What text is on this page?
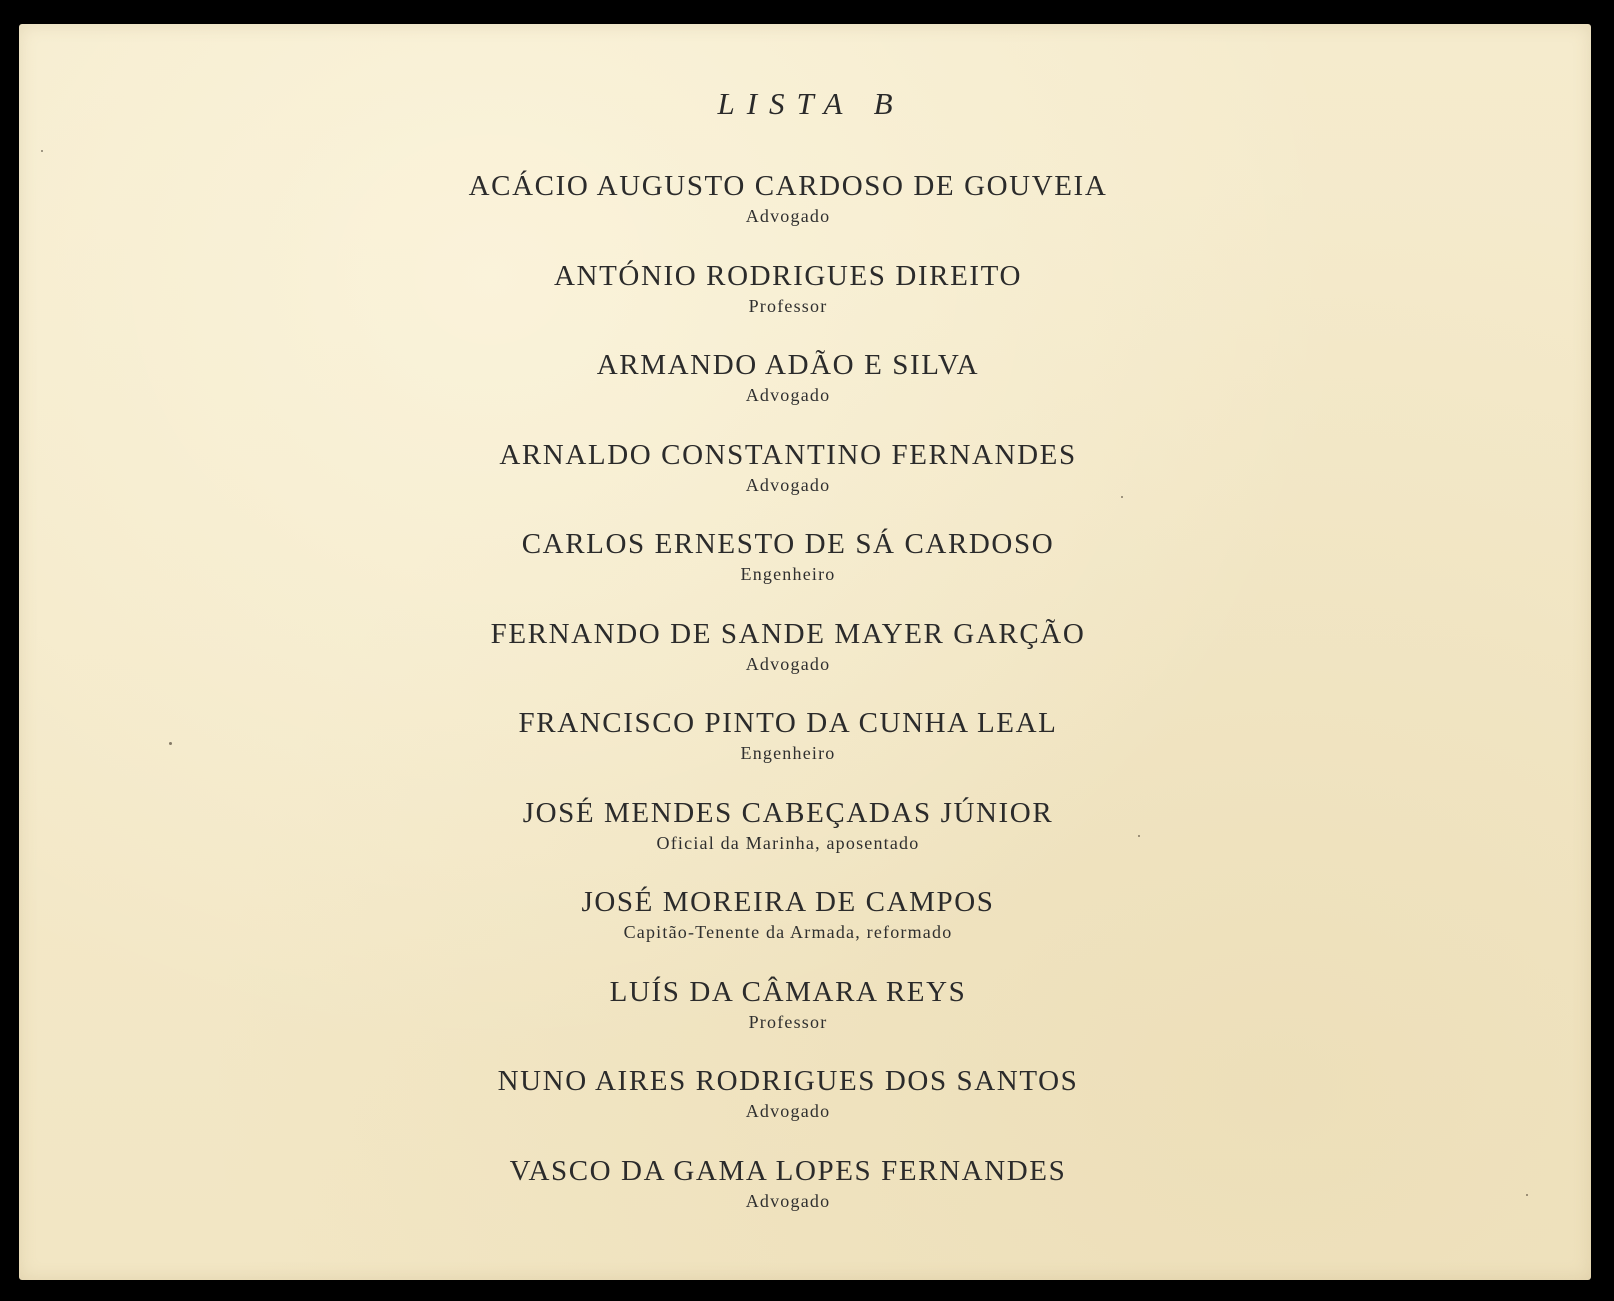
LISTA B
ACÁCIO AUGUSTO CARDOSO DE GOUVEIA
Advogado
ANTÓNIO RODRIGUES DIREITO
Professor
ARMANDO ADÃO E SILVA
Advogado
ARNALDO CONSTANTINO FERNANDES
Advogado
CARLOS ERNESTO DE SÁ CARDOSO
Engenheiro
FERNANDO DE SANDE MAYER GARÇÃO
Advogado
FRANCISCO PINTO DA CUNHA LEAL
Engenheiro
JOSÉ MENDES CABEÇADAS JÚNIOR
Oficial da Marinha, aposentado
JOSÉ MOREIRA DE CAMPOS
Capitão-Tenente da Armada, reformado
LUÍS DA CÂMARA REYS
Professor
NUNO AIRES RODRIGUES DOS SANTOS
Advogado
VASCO DA GAMA LOPES FERNANDES
Advogado
